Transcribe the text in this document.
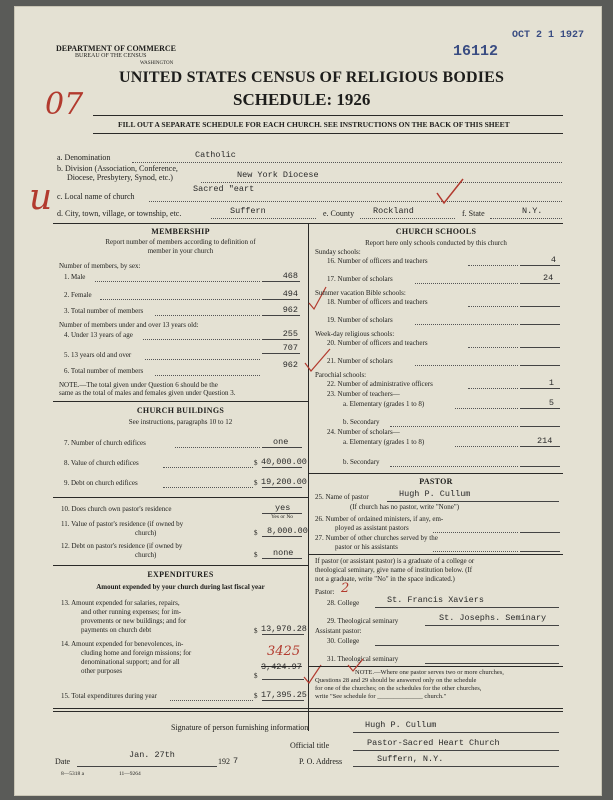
DEPARTMENT OF COMMERCE
BUREAU OF THE CENSUS
WASHINGTON
OCT 2 1 1927
16112
UNITED STATES CENSUS OF RELIGIOUS BODIES
SCHEDULE: 1926
07
FILL OUT A SEPARATE SCHEDULE FOR EACH CHURCH. SEE INSTRUCTIONS ON THE BACK OF THIS SHEET
u
a. Denomination	Catholic
b. Division (Association, Conference,
Diocese, Presbytery, Synod, etc.)	New York Diocese
Sacred "eart
c. Local name of church
d. City, town, village, or township, etc.	Suffern	e. County Rockland	f. State	N.Y.
MEMBERSHIP
Report number of members according to definition of
member in your church
Number of members, by sex:
1. Male	468
2. Female	494
3. Total number of members	962
Number of members under and over 13 years old:
4. Under 13 years of age	255
5. 13 years old and over
707
6. Total number of members
962
NOTE.—The total given under Question 6 should be the
same as the total of males and females given under Question 3.
CHURCH BUILDINGS
See instructions, paragraphs 10 to 12
7. Number of church edifices	one
8. Value of church edifices	$ 40,000.00
9. Debt on church edifices	$ 19,200.00
10. Does church own pastor's residence	yes
Yes or No
11. Value of pastor's residence (if owned by
church)	$ 8,000.00
12. Debt on pastor's residence (if owned by
church)	$ none
EXPENDITURES
Amount expended by your church during last fiscal year
13. Amount expended for salaries, repairs,
and other running expenses; for im-
provements or new buildings; and for
payments on church debt	$ 13,970.28
14. Amount expended for benevolences, in-
cluding home and foreign missions; for
denominational support; and for all
other purposes
3425
$
3,424.97
15. Total expenditures during year	$ 17,395.25
CHURCH SCHOOLS
Report here only schools conducted by this church
Sunday schools:
16. Number of officers and teachers	4
17. Number of scholars	24
Summer vacation Bible schools:
18. Number of officers and teachers
19. Number of scholars
Week-day religious schools:
20. Number of officers and teachers
21. Number of scholars
Parochial schools:
22. Number of administrative officers	1
23. Number of teachers—
a. Elementary (grades 1 to 8)	5
b. Secondary
24. Number of scholars—
a. Elementary (grades 1 to 8)	214
b. Secondary
PASTOR
25. Name of pastor	Hugh P. Cullum
(If church has no pastor, write "None")
26. Number of ordained ministers, if any, em-
ployed as assistant pastors
27. Number of other churches served by the
pastor or his assistants
If pastor (or assistant pastor) is a graduate of a college or
theological seminary, give name of institution below. (If
not a graduate, write "No" in the space indicated.)
Pastor: 2
28. College	St. Francis Xaviers
29. Theological seminary	St. Josephs. Seminary
Assistant pastor:
30. College
31. Theological seminary
NOTE.—Where one pastor serves two or more churches,
Questions 28 and 29 should be answered only on the schedule
for one of the churches; on the schedules for the other churches,
write "See schedule for ______________ church."
Signature of person furnishing information	Hugh P. Cullum
Official title	Pastor-Sacred Heart Church
Date
Jan. 27th
192 7	P. O. Address	Suffern, N.Y.
8—5318 a	11—9264
